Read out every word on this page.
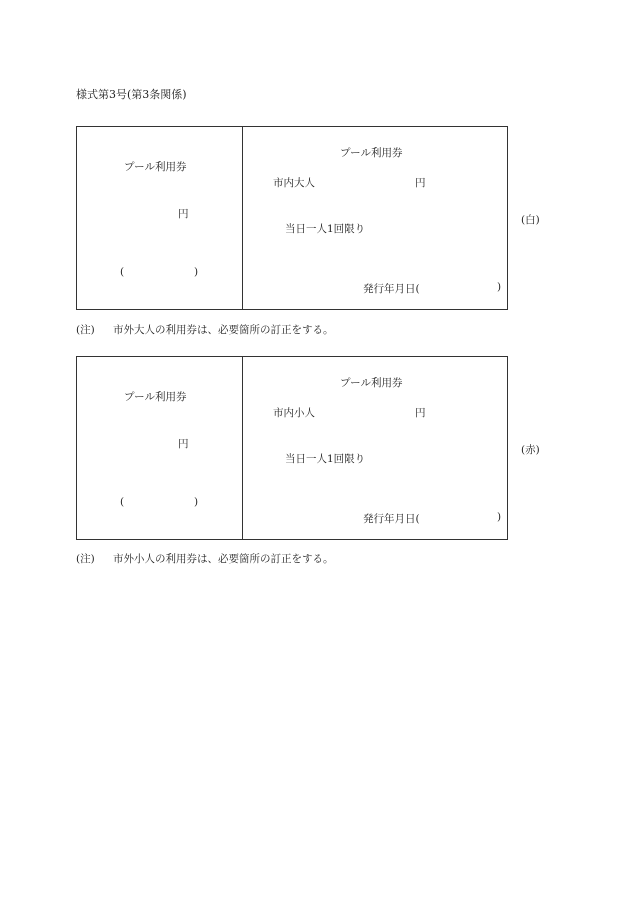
様式第3号(第3条関係)
プール利用券
円
(	)
プール利用券
市内大人	円
当日一人1回限り
発行年月日(	)
(白)
(注) 市外大人の利用券は、必要箇所の訂正をする。
プール利用券
円
(	)
プール利用券
市内小人	円
当日一人1回限り
発行年月日(	)
(赤)
(注) 市外小人の利用券は、必要箇所の訂正をする。
